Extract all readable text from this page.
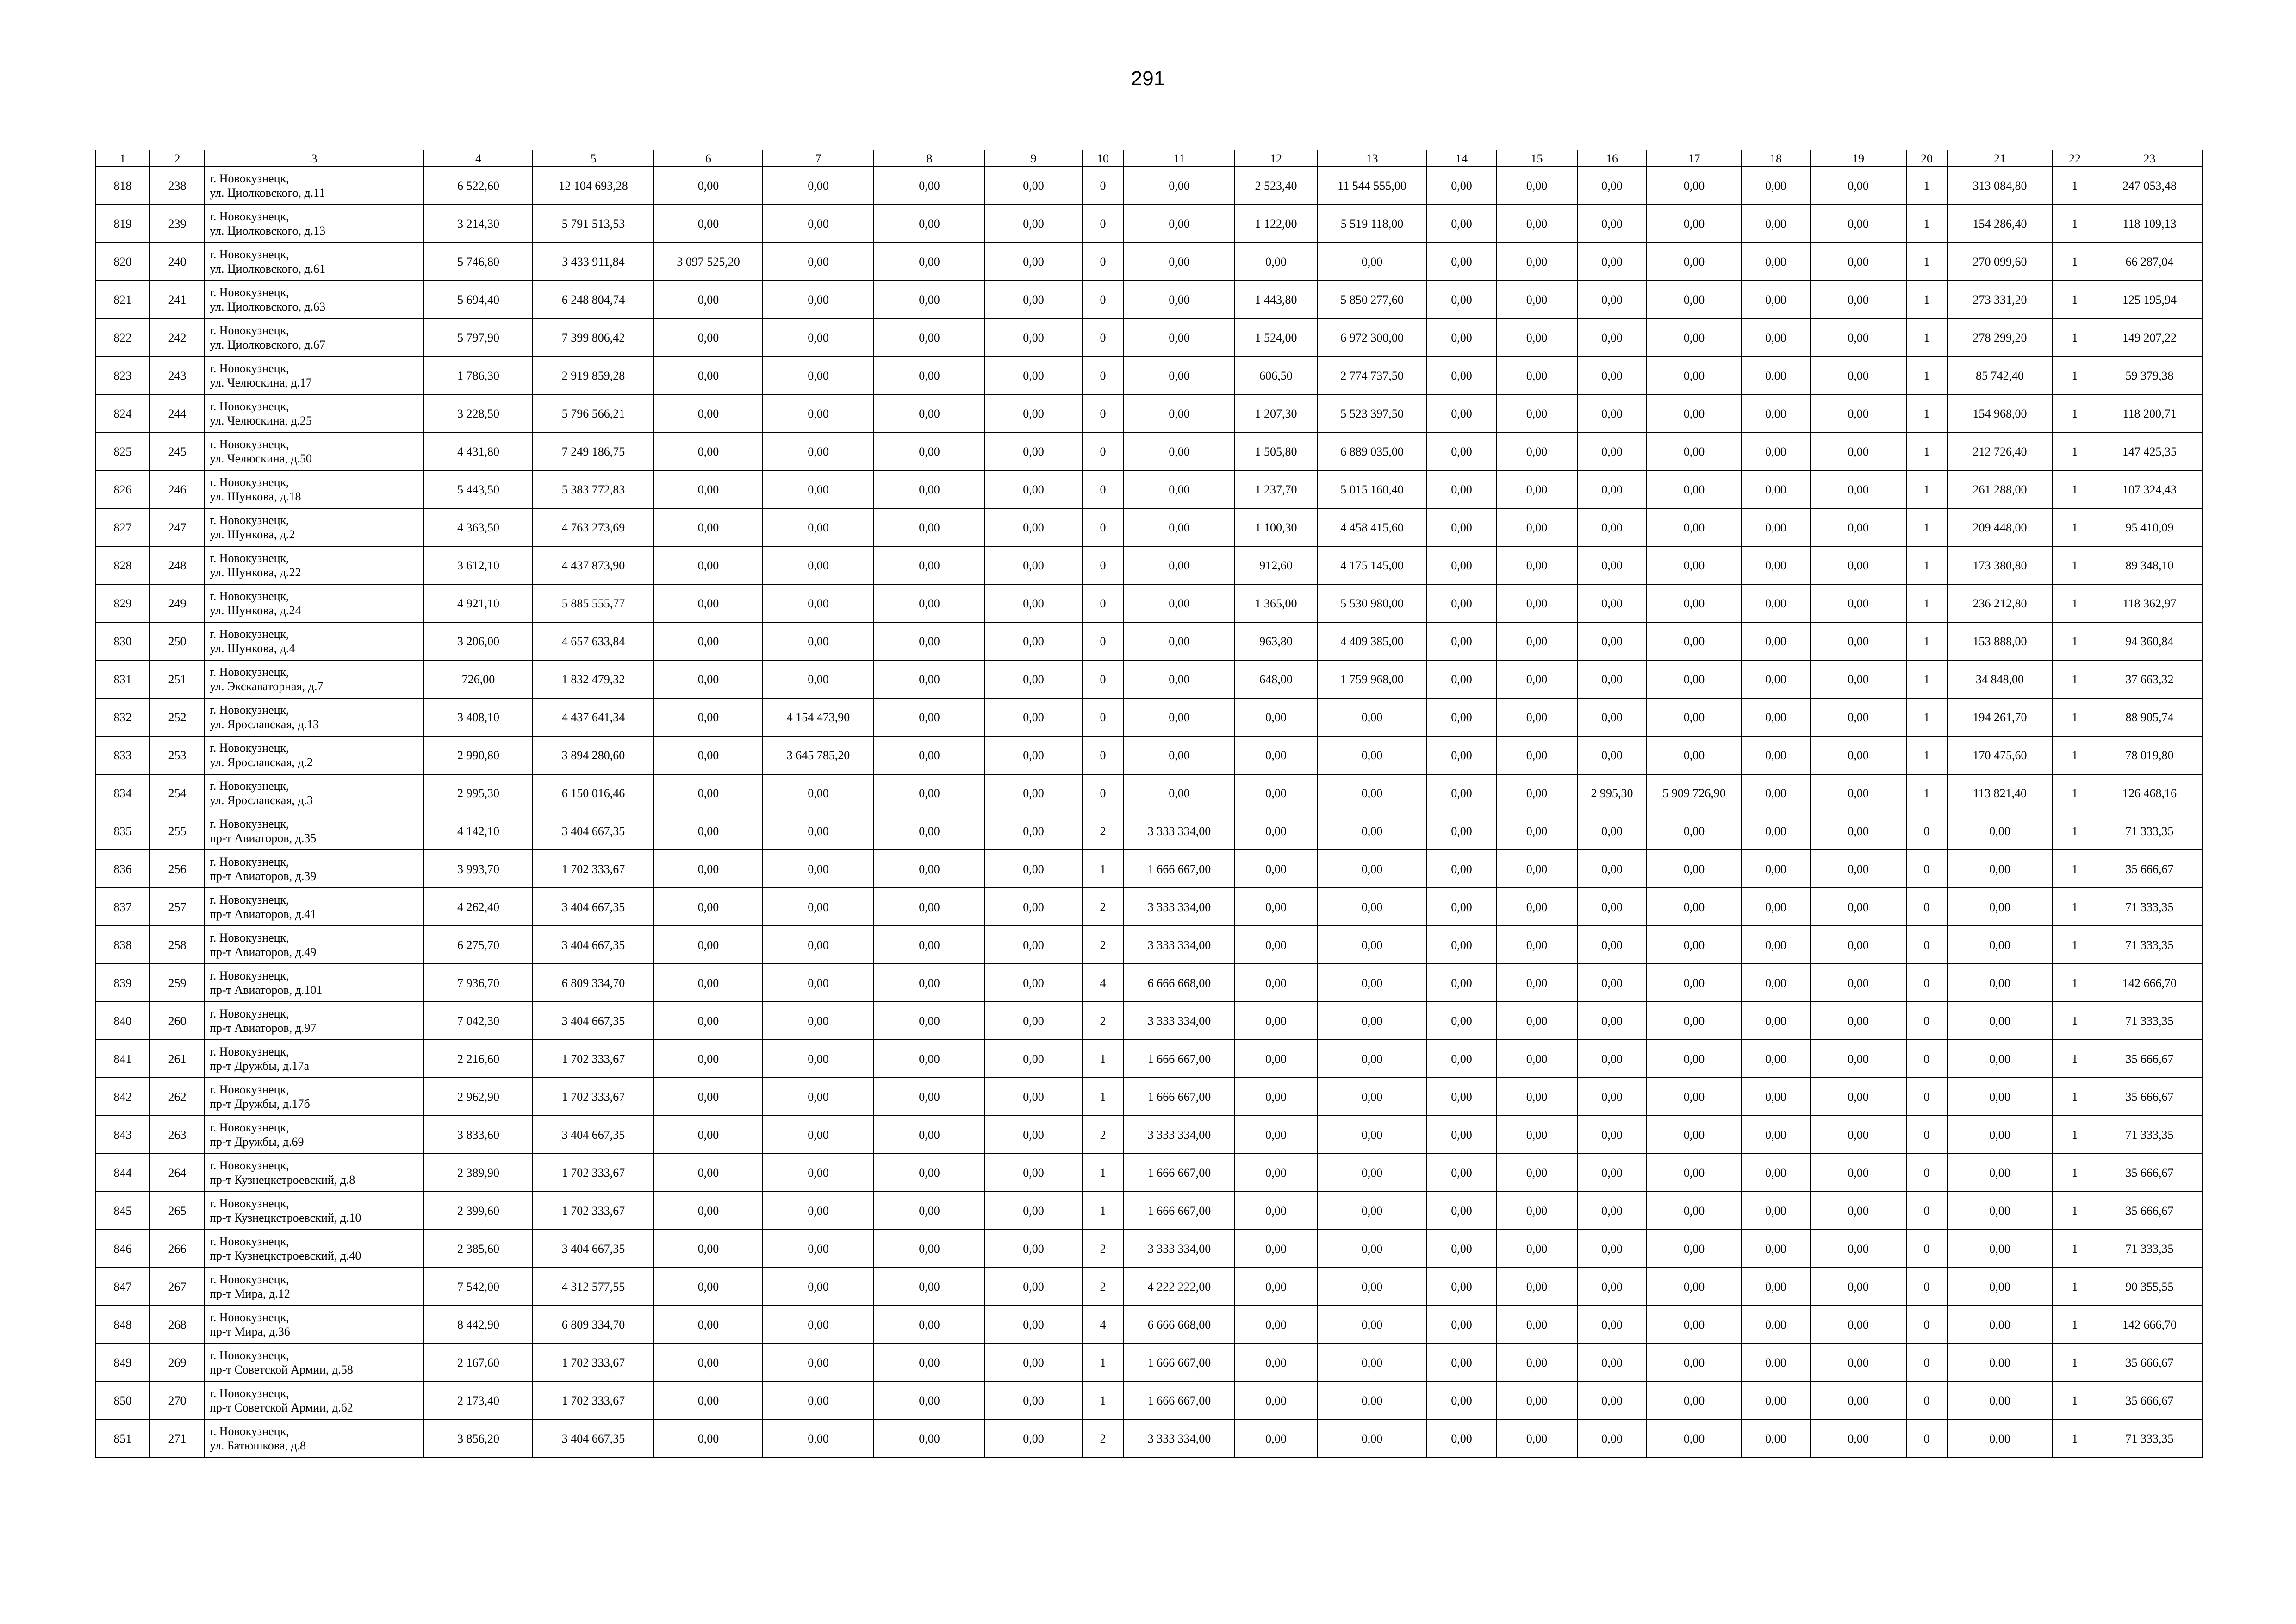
291
1	2	3	4	5	6	7	8	9	10	11	12	13	14	15	16	17	18	19	20	21	22	23
818	238	г. Новокузнецк,
ул. Циолковского, д.11	6 522,60	12 104 693,28	0,00	0,00	0,00	0,00	0	0,00	2 523,40	11 544 555,00	0,00	0,00	0,00	0,00	0,00	0,00	1	313 084,80	1	247 053,48
819	239	г. Новокузнецк,
ул. Циолковского, д.13	3 214,30	5 791 513,53	0,00	0,00	0,00	0,00	0	0,00	1 122,00	5 519 118,00	0,00	0,00	0,00	0,00	0,00	0,00	1	154 286,40	1	118 109,13
820	240	г. Новокузнецк,
ул. Циолковского, д.61	5 746,80	3 433 911,84	3 097 525,20	0,00	0,00	0,00	0	0,00	0,00	0,00	0,00	0,00	0,00	0,00	0,00	0,00	1	270 099,60	1	66 287,04
821	241	г. Новокузнецк,
ул. Циолковского, д.63	5 694,40	6 248 804,74	0,00	0,00	0,00	0,00	0	0,00	1 443,80	5 850 277,60	0,00	0,00	0,00	0,00	0,00	0,00	1	273 331,20	1	125 195,94
822	242	г. Новокузнецк,
ул. Циолковского, д.67	5 797,90	7 399 806,42	0,00	0,00	0,00	0,00	0	0,00	1 524,00	6 972 300,00	0,00	0,00	0,00	0,00	0,00	0,00	1	278 299,20	1	149 207,22
823	243	г. Новокузнецк,
ул. Челюскина, д.17	1 786,30	2 919 859,28	0,00	0,00	0,00	0,00	0	0,00	606,50	2 774 737,50	0,00	0,00	0,00	0,00	0,00	0,00	1	85 742,40	1	59 379,38
824	244	г. Новокузнецк,
ул. Челюскина, д.25	3 228,50	5 796 566,21	0,00	0,00	0,00	0,00	0	0,00	1 207,30	5 523 397,50	0,00	0,00	0,00	0,00	0,00	0,00	1	154 968,00	1	118 200,71
825	245	г. Новокузнецк,
ул. Челюскина, д.50	4 431,80	7 249 186,75	0,00	0,00	0,00	0,00	0	0,00	1 505,80	6 889 035,00	0,00	0,00	0,00	0,00	0,00	0,00	1	212 726,40	1	147 425,35
826	246	г. Новокузнецк,
ул. Шункова, д.18	5 443,50	5 383 772,83	0,00	0,00	0,00	0,00	0	0,00	1 237,70	5 015 160,40	0,00	0,00	0,00	0,00	0,00	0,00	1	261 288,00	1	107 324,43
827	247	г. Новокузнецк,
ул. Шункова, д.2	4 363,50	4 763 273,69	0,00	0,00	0,00	0,00	0	0,00	1 100,30	4 458 415,60	0,00	0,00	0,00	0,00	0,00	0,00	1	209 448,00	1	95 410,09
828	248	г. Новокузнецк,
ул. Шункова, д.22	3 612,10	4 437 873,90	0,00	0,00	0,00	0,00	0	0,00	912,60	4 175 145,00	0,00	0,00	0,00	0,00	0,00	0,00	1	173 380,80	1	89 348,10
829	249	г. Новокузнецк,
ул. Шункова, д.24	4 921,10	5 885 555,77	0,00	0,00	0,00	0,00	0	0,00	1 365,00	5 530 980,00	0,00	0,00	0,00	0,00	0,00	0,00	1	236 212,80	1	118 362,97
830	250	г. Новокузнецк,
ул. Шункова, д.4	3 206,00	4 657 633,84	0,00	0,00	0,00	0,00	0	0,00	963,80	4 409 385,00	0,00	0,00	0,00	0,00	0,00	0,00	1	153 888,00	1	94 360,84
831	251	г. Новокузнецк,
ул. Экскаваторная, д.7	726,00	1 832 479,32	0,00	0,00	0,00	0,00	0	0,00	648,00	1 759 968,00	0,00	0,00	0,00	0,00	0,00	0,00	1	34 848,00	1	37 663,32
832	252	г. Новокузнецк,
ул. Ярославская, д.13	3 408,10	4 437 641,34	0,00	4 154 473,90	0,00	0,00	0	0,00	0,00	0,00	0,00	0,00	0,00	0,00	0,00	0,00	1	194 261,70	1	88 905,74
833	253	г. Новокузнецк,
ул. Ярославская, д.2	2 990,80	3 894 280,60	0,00	3 645 785,20	0,00	0,00	0	0,00	0,00	0,00	0,00	0,00	0,00	0,00	0,00	0,00	1	170 475,60	1	78 019,80
834	254	г. Новокузнецк,
ул. Ярославская, д.3	2 995,30	6 150 016,46	0,00	0,00	0,00	0,00	0	0,00	0,00	0,00	0,00	0,00	2 995,30	5 909 726,90	0,00	0,00	1	113 821,40	1	126 468,16
835	255	г. Новокузнецк,
пр-т Авиаторов, д.35	4 142,10	3 404 667,35	0,00	0,00	0,00	0,00	2	3 333 334,00	0,00	0,00	0,00	0,00	0,00	0,00	0,00	0,00	0	0,00	1	71 333,35
836	256	г. Новокузнецк,
пр-т Авиаторов, д.39	3 993,70	1 702 333,67	0,00	0,00	0,00	0,00	1	1 666 667,00	0,00	0,00	0,00	0,00	0,00	0,00	0,00	0,00	0	0,00	1	35 666,67
837	257	г. Новокузнецк,
пр-т Авиаторов, д.41	4 262,40	3 404 667,35	0,00	0,00	0,00	0,00	2	3 333 334,00	0,00	0,00	0,00	0,00	0,00	0,00	0,00	0,00	0	0,00	1	71 333,35
838	258	г. Новокузнецк,
пр-т Авиаторов, д.49	6 275,70	3 404 667,35	0,00	0,00	0,00	0,00	2	3 333 334,00	0,00	0,00	0,00	0,00	0,00	0,00	0,00	0,00	0	0,00	1	71 333,35
839	259	г. Новокузнецк,
пр-т Авиаторов, д.101	7 936,70	6 809 334,70	0,00	0,00	0,00	0,00	4	6 666 668,00	0,00	0,00	0,00	0,00	0,00	0,00	0,00	0,00	0	0,00	1	142 666,70
840	260	г. Новокузнецк,
пр-т Авиаторов, д.97	7 042,30	3 404 667,35	0,00	0,00	0,00	0,00	2	3 333 334,00	0,00	0,00	0,00	0,00	0,00	0,00	0,00	0,00	0	0,00	1	71 333,35
841	261	г. Новокузнецк,
пр-т Дружбы, д.17а	2 216,60	1 702 333,67	0,00	0,00	0,00	0,00	1	1 666 667,00	0,00	0,00	0,00	0,00	0,00	0,00	0,00	0,00	0	0,00	1	35 666,67
842	262	г. Новокузнецк,
пр-т Дружбы, д.17б	2 962,90	1 702 333,67	0,00	0,00	0,00	0,00	1	1 666 667,00	0,00	0,00	0,00	0,00	0,00	0,00	0,00	0,00	0	0,00	1	35 666,67
843	263	г. Новокузнецк,
пр-т Дружбы, д.69	3 833,60	3 404 667,35	0,00	0,00	0,00	0,00	2	3 333 334,00	0,00	0,00	0,00	0,00	0,00	0,00	0,00	0,00	0	0,00	1	71 333,35
844	264	г. Новокузнецк,
пр-т Кузнецкстроевский, д.8	2 389,90	1 702 333,67	0,00	0,00	0,00	0,00	1	1 666 667,00	0,00	0,00	0,00	0,00	0,00	0,00	0,00	0,00	0	0,00	1	35 666,67
845	265	г. Новокузнецк,
пр-т Кузнецкстроевский, д.10	2 399,60	1 702 333,67	0,00	0,00	0,00	0,00	1	1 666 667,00	0,00	0,00	0,00	0,00	0,00	0,00	0,00	0,00	0	0,00	1	35 666,67
846	266	г. Новокузнецк,
пр-т Кузнецкстроевский, д.40	2 385,60	3 404 667,35	0,00	0,00	0,00	0,00	2	3 333 334,00	0,00	0,00	0,00	0,00	0,00	0,00	0,00	0,00	0	0,00	1	71 333,35
847	267	г. Новокузнецк,
пр-т Мира, д.12	7 542,00	4 312 577,55	0,00	0,00	0,00	0,00	2	4 222 222,00	0,00	0,00	0,00	0,00	0,00	0,00	0,00	0,00	0	0,00	1	90 355,55
848	268	г. Новокузнецк,
пр-т Мира, д.36	8 442,90	6 809 334,70	0,00	0,00	0,00	0,00	4	6 666 668,00	0,00	0,00	0,00	0,00	0,00	0,00	0,00	0,00	0	0,00	1	142 666,70
849	269	г. Новокузнецк,
пр-т Советской Армии, д.58	2 167,60	1 702 333,67	0,00	0,00	0,00	0,00	1	1 666 667,00	0,00	0,00	0,00	0,00	0,00	0,00	0,00	0,00	0	0,00	1	35 666,67
850	270	г. Новокузнецк,
пр-т Советской Армии, д.62	2 173,40	1 702 333,67	0,00	0,00	0,00	0,00	1	1 666 667,00	0,00	0,00	0,00	0,00	0,00	0,00	0,00	0,00	0	0,00	1	35 666,67
851	271	г. Новокузнецк,
ул. Батюшкова, д.8	3 856,20	3 404 667,35	0,00	0,00	0,00	0,00	2	3 333 334,00	0,00	0,00	0,00	0,00	0,00	0,00	0,00	0,00	0	0,00	1	71 333,35
